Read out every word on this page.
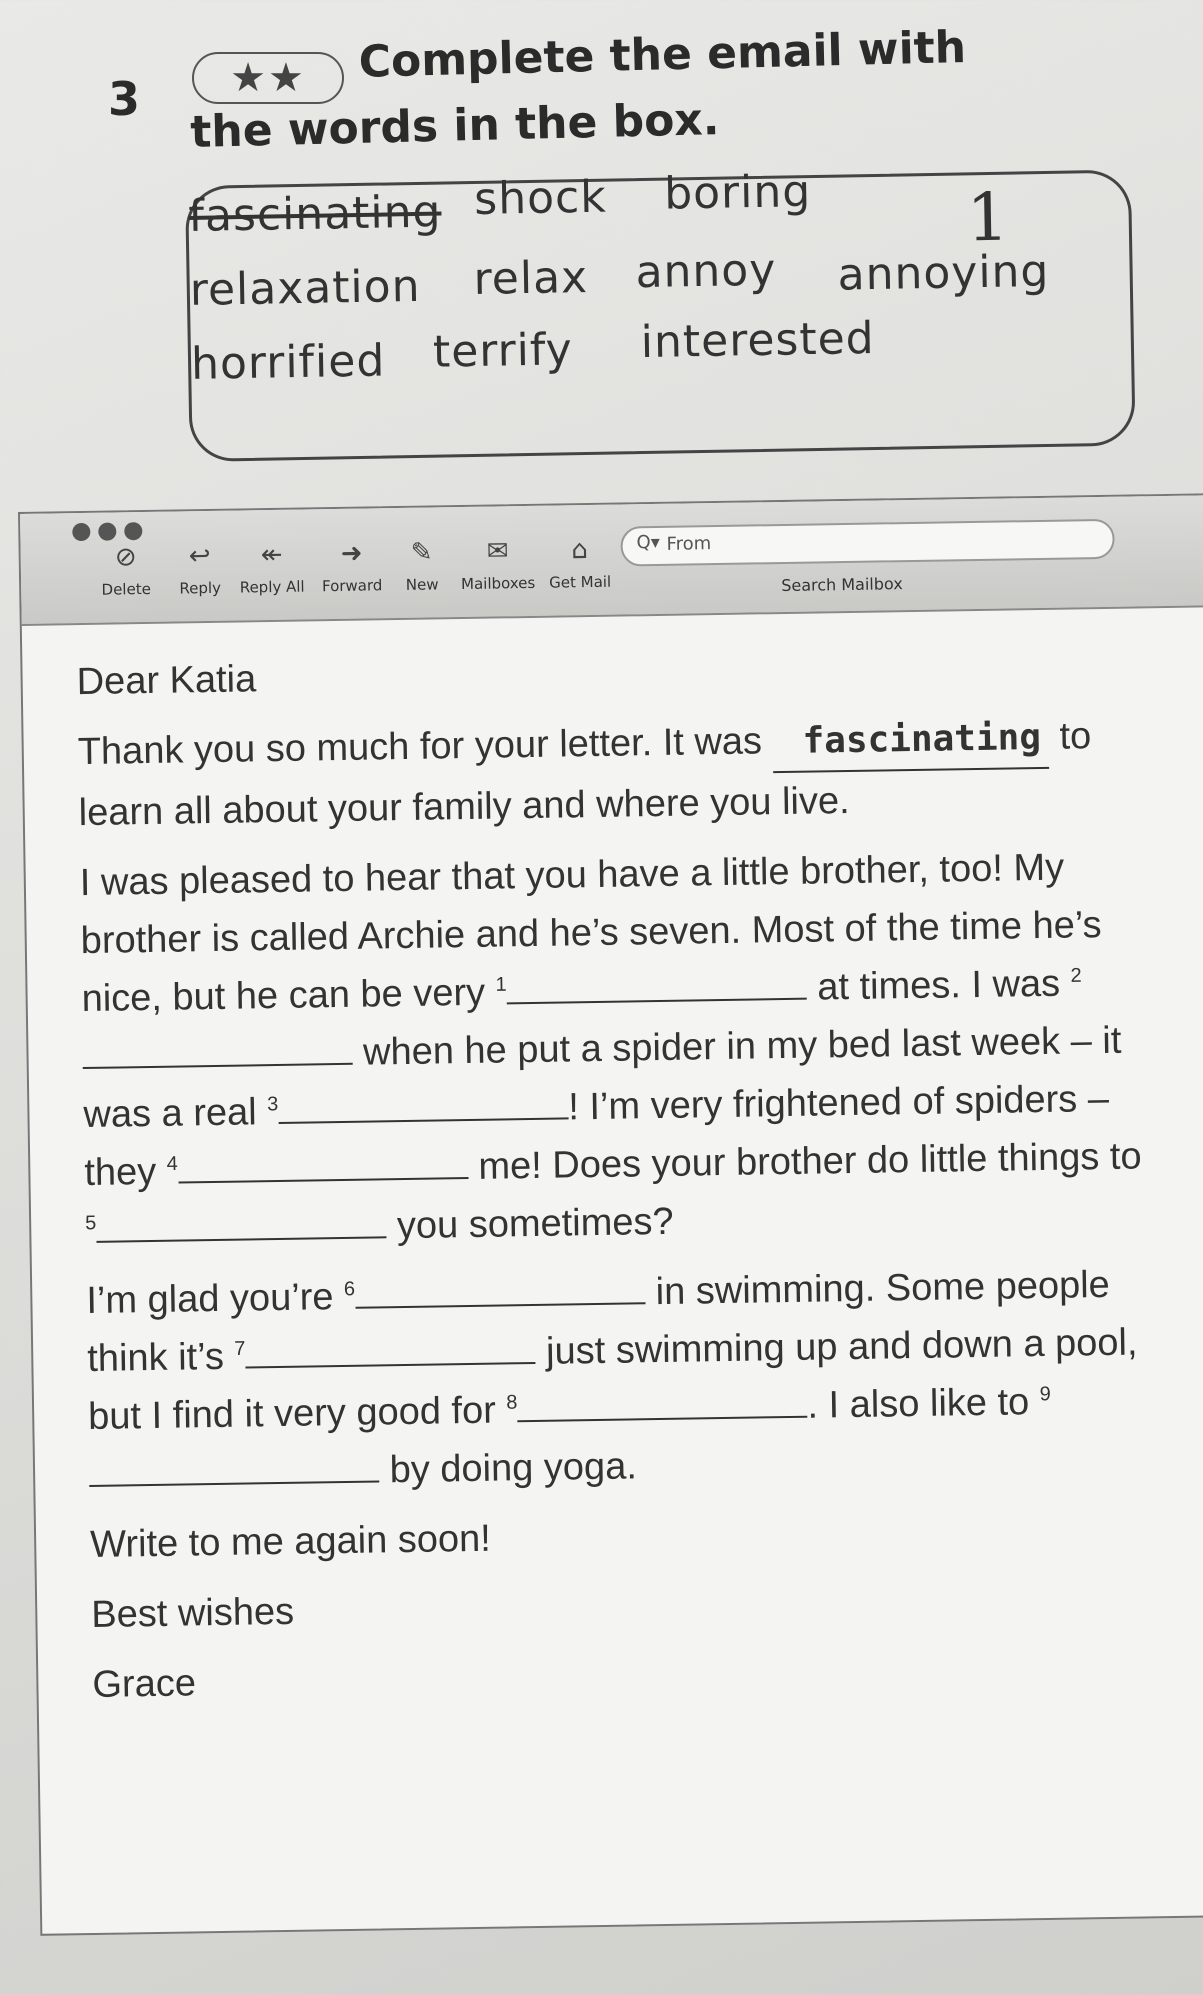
3	★★	Complete the email with the words in the box.
fascinating shock boring 1
relaxation relax annoy annoying
horrified terrify interested
⊘
Delete
↩
Reply
↞
Reply All
➜
Forward
✎
New
✉
Mailboxes
⌂
Get Mail
Q▾ From
Search Mailbox

Dear Katia

Thank you so much for your letter. It was fascinating to learn all about your family and where you live.

I was pleased to hear that you have a little brother, too! My brother is called Archie and he’s seven. Most of the time he’s nice, but he can be very $^1$	at times. I was $^2$ when he put a spider in my bed last week – it was a real $^3$	! I’m very frightened of spiders – they $^4$	me! Does your brother do little things to $^5$	you sometimes?

I’m glad you’re $^6$	in swimming. Some people think it’s $^7$	just swimming up and down a pool, but I find it very good for $^8$	. I also like to $^9$ by doing yoga.

Write to me again soon!

Best wishes

Grace
